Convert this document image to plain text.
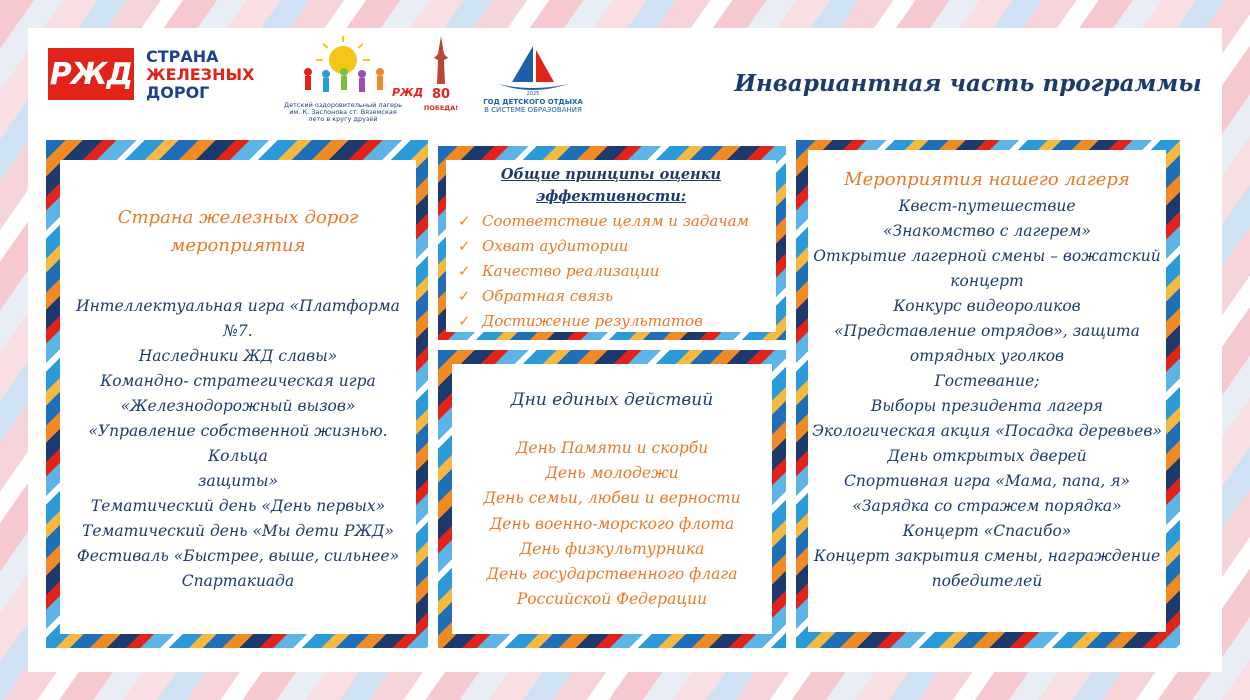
РЖД СТРАНА
ЖЕЛЕЗНЫХ
ДОРОГ	РЖД
Детский оздоровительный лагерь
им. К. Заслонова ст. Вяземская
лето в кругу друзей
80
ПОБЕДА!
2025
ГОД ДЕТСКОГО ОТДЫХА
В СИСТЕМЕ ОБРАЗОВАНИЯ
Инвариантная часть программы
Страна железных дорог
мероприятия
Интеллектуальная игра «Платформа №7.
Наследники ЖД славы»
Командно- стратегическая игра
«Железнодорожный вызов»
«Управление собственной жизнью. Кольца
защиты»
Тематический день «День первых»
Тематический день «Мы дети РЖД»
Фестиваль «Быстрее, выше, сильнее»
Спартакиада
Общие принципы оценки
эффективности:
✓ Соответствие целям и задачам
✓ Охват аудитории
✓ Качество реализации
✓ Обратная связь
✓ Достижение результатов
Дни единых действий
День Памяти и скорби
День молодежи
День семьи, любви и верности
День военно-морского флота
День физкультурника
День государственного флага
Российской Федерации
Мероприятия нашего лагеря
Квест-путешествие
«Знакомство с лагерем»
Открытие лагерной смены – вожатский
концерт
Конкурс видеороликов
«Представление отрядов», защита
отрядных уголков
Гостевание;
Выборы президента лагеря
Экологическая акция «Посадка деревьев»
День открытых дверей
Спортивная игра «Мама, папа, я»
«Зарядка со стражем порядка»
Концерт «Спасибо»
Концерт закрытия смены, награждение
победителей
